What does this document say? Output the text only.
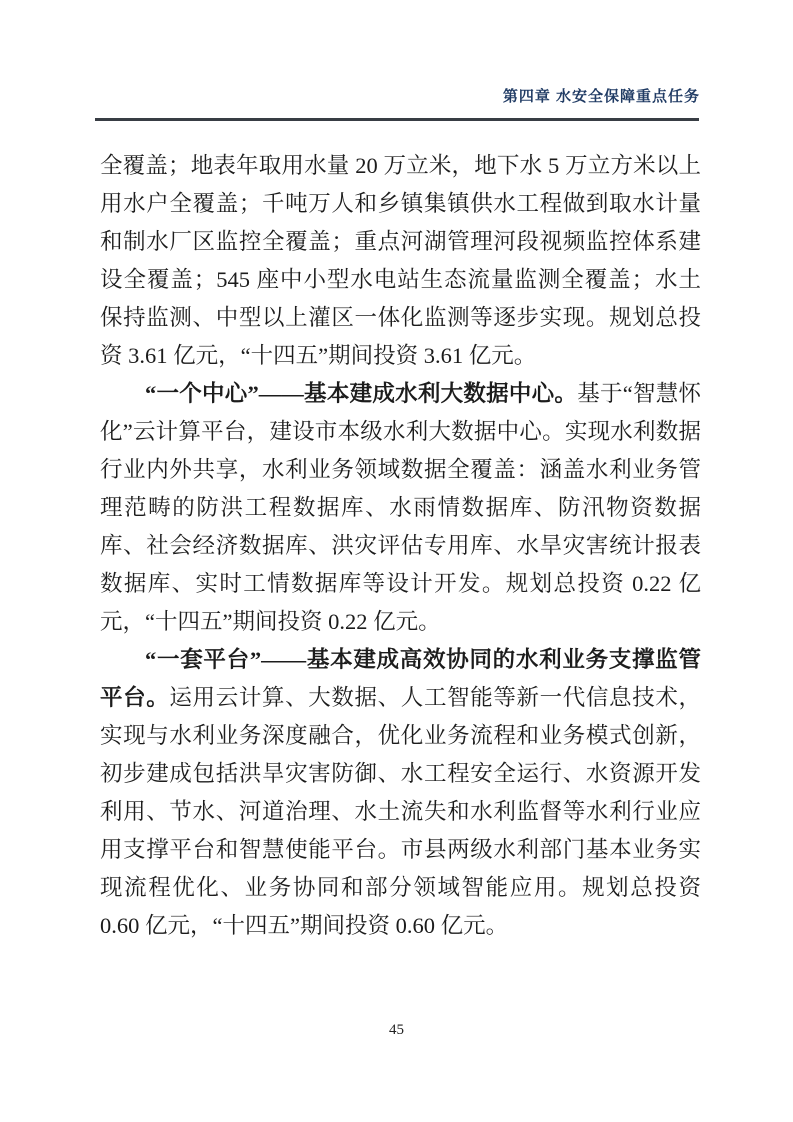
第四章 水安全保障重点任务

全覆盖；地表年取用水量 20 万立米，地下水 5 万立方米以上用水户全覆盖；千吨万人和乡镇集镇供水工程做到取水计量和制水厂区监控全覆盖；重点河湖管理河段视频监控体系建设全覆盖；545 座中小型水电站生态流量监测全覆盖；水土保持监测、中型以上灌区一体化监测等逐步实现。规划总投资 3.61 亿元，“十四五”期间投资 3.61 亿元。

“一个中心”——基本建成水利大数据中心。基于“智慧怀化”云计算平台，建设市本级水利大数据中心。实现水利数据行业内外共享，水利业务领域数据全覆盖：涵盖水利业务管理范畴的防洪工程数据库、水雨情数据库、防汛物资数据库、社会经济数据库、洪灾评估专用库、水旱灾害统计报表数据库、实时工情数据库等设计开发。规划总投资 0.22 亿元，“十四五”期间投资 0.22 亿元。

“一套平台”——基本建成高效协同的水利业务支撑监管平台。运用云计算、大数据、人工智能等新一代信息技术，实现与水利业务深度融合，优化业务流程和业务模式创新，初步建成包括洪旱灾害防御、水工程安全运行、水资源开发利用、节水、河道治理、水土流失和水利监督等水利行业应用支撑平台和智慧使能平台。市县两级水利部门基本业务实现流程优化、业务协同和部分领域智能应用。规划总投资 0.60 亿元，“十四五”期间投资 0.60 亿元。

45
